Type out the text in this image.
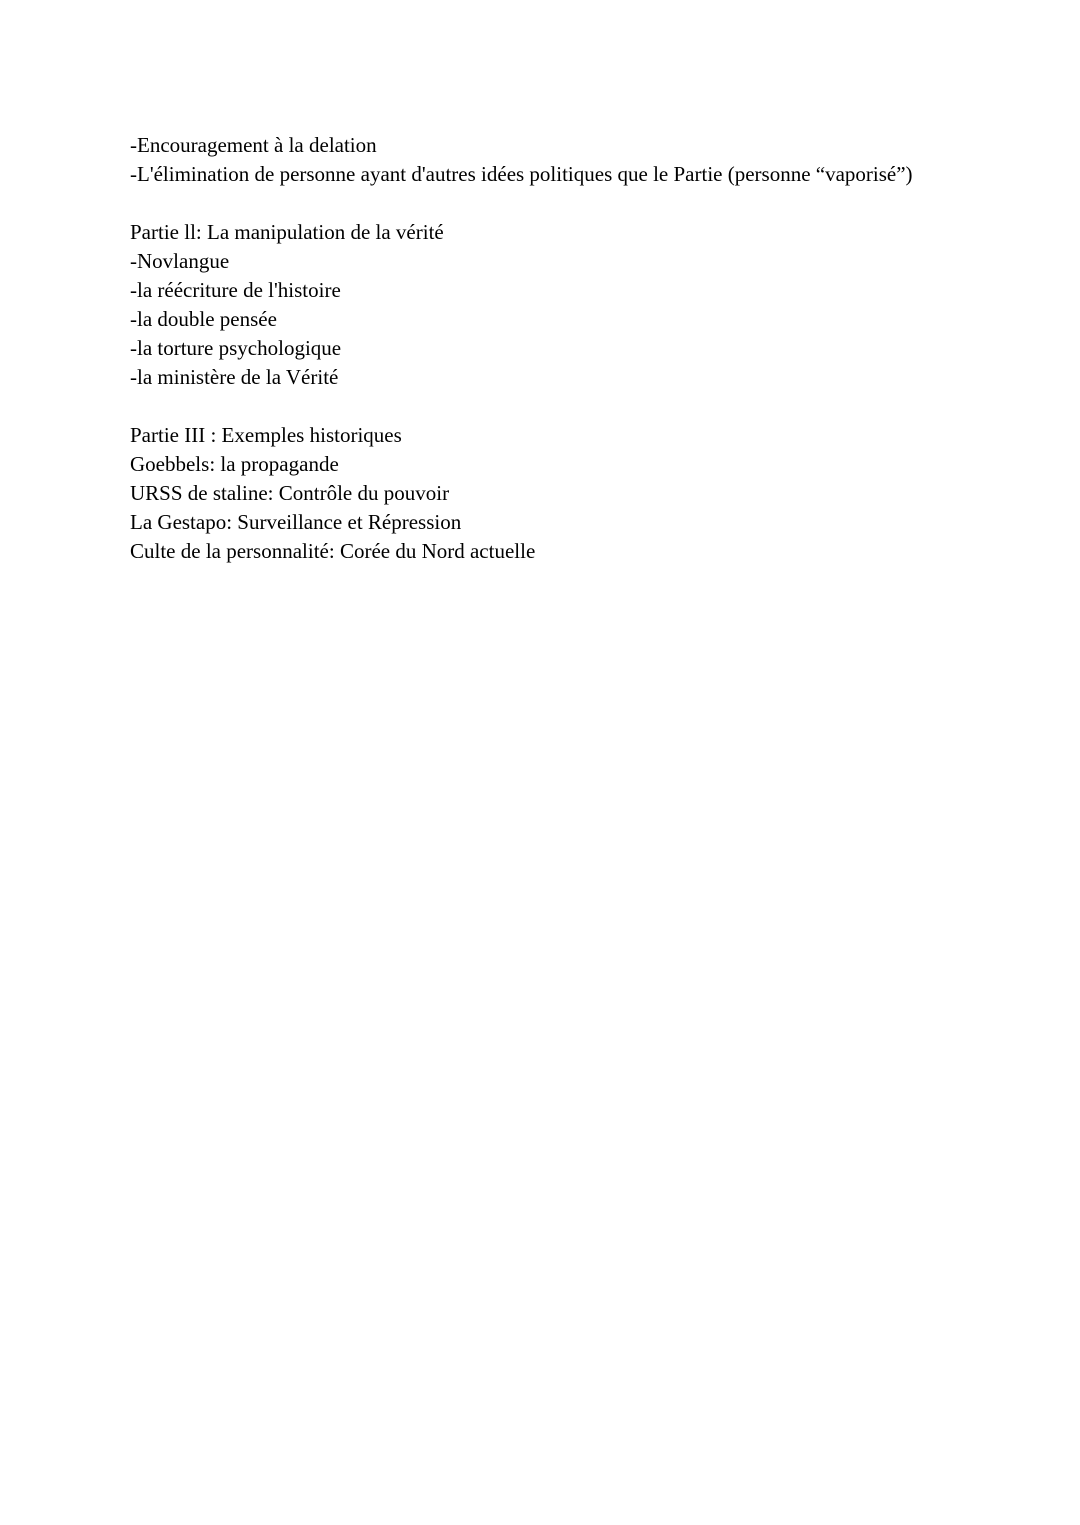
-Encouragement à la delation

-L'élimination de personne ayant d'autres idées politiques que le Partie (personne “vaporisé”)

Partie ll: La manipulation de la vérité

-Novlangue

-la réécriture de l'histoire

-la double pensée

-la torture psychologique

-la ministère de la Vérité

Partie III : Exemples historiques

Goebbels: la propagande

URSS de staline: Contrôle du pouvoir

La Gestapo: Surveillance et Répression

Culte de la personnalité: Corée du Nord actuelle
